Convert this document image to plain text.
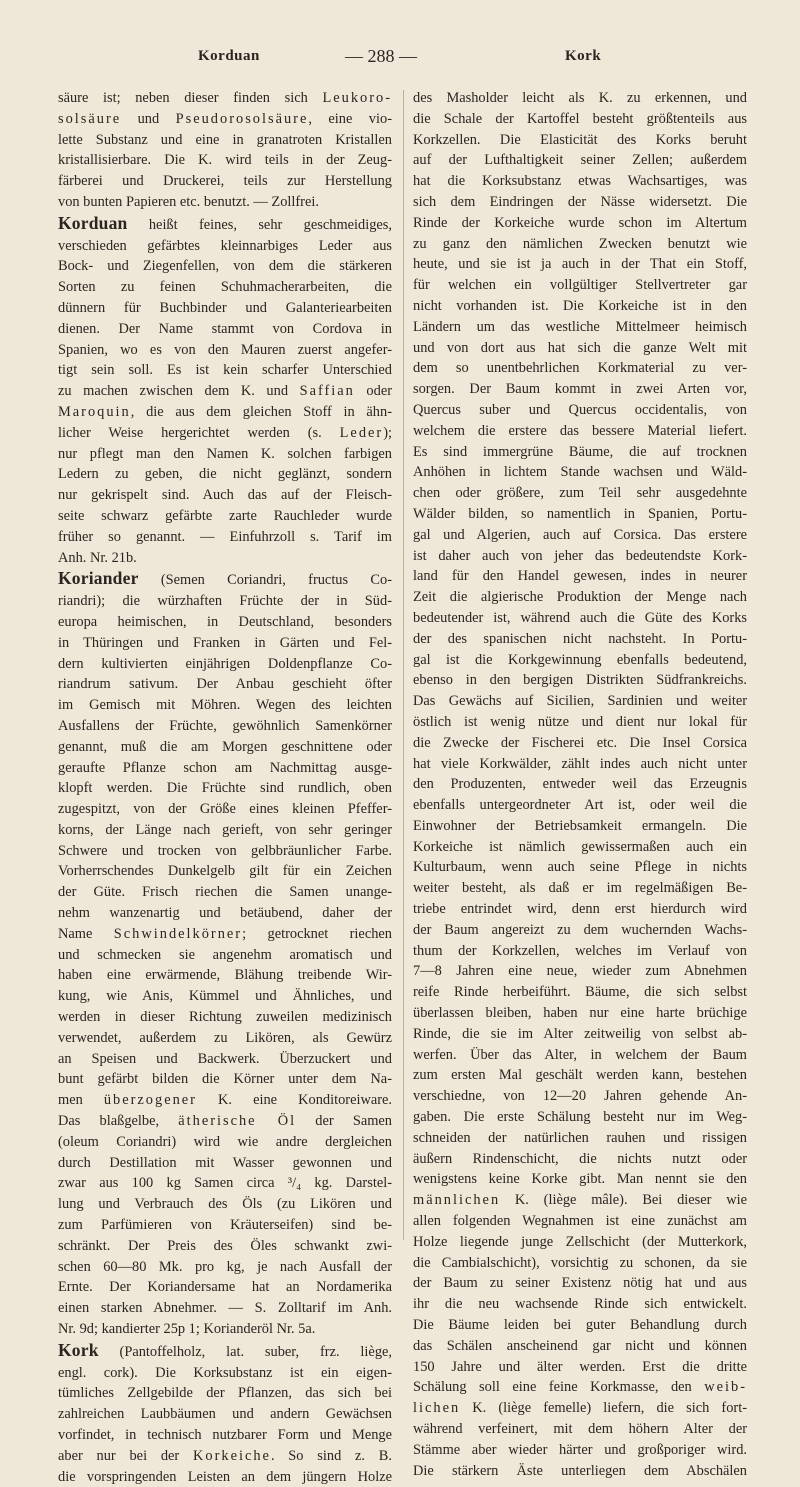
Korduan	— 288 —	Kork
säure ist; neben dieser finden sich Leukoro-
solsäure und Pseudorosolsäure, eine vio-
lette Substanz und eine in granatroten Kristallen
kristallisierbare. Die K. wird teils in der Zeug-
färberei und Druckerei, teils zur Herstellung
von bunten Papieren etc. benutzt. — Zollfrei.
Korduan heißt feines, sehr geschmeidiges,
verschieden gefärbtes kleinnarbiges Leder aus
Bock- und Ziegenfellen, von dem die stärkeren
Sorten zu feinen Schuhmacherarbeiten, die
dünnern für Buchbinder und Galanteriearbeiten
dienen. Der Name stammt von Cordova in
Spanien, wo es von den Mauren zuerst angefer-
tigt sein soll. Es ist kein scharfer Unterschied
zu machen zwischen dem K. und Saffian oder
Maroquin, die aus dem gleichen Stoff in ähn-
licher Weise hergerichtet werden (s. Leder);
nur pflegt man den Namen K. solchen farbigen
Ledern zu geben, die nicht geglänzt, sondern
nur gekrispelt sind. Auch das auf der Fleisch-
seite schwarz gefärbte zarte Rauchleder wurde
früher so genannt. — Einfuhrzoll s. Tarif im
Anh. Nr. 21b.
Koriander (Semen Coriandri, fructus Co-
riandri); die würzhaften Früchte der in Süd-
europa heimischen, in Deutschland, besonders
in Thüringen und Franken in Gärten und Fel-
dern kultivierten einjährigen Doldenpflanze Co-
riandrum sativum. Der Anbau geschieht öfter
im Gemisch mit Möhren. Wegen des leichten
Ausfallens der Früchte, gewöhnlich Samenkörner
genannt, muß die am Morgen geschnittene oder
geraufte Pflanze schon am Nachmittag ausge-
klopft werden. Die Früchte sind rundlich, oben
zugespitzt, von der Größe eines kleinen Pfeffer-
korns, der Länge nach gerieft, von sehr geringer
Schwere und trocken von gelbbräunlicher Farbe.
Vorherrschendes Dunkelgelb gilt für ein Zeichen
der Güte. Frisch riechen die Samen unange-
nehm wanzenartig und betäubend, daher der
Name Schwindelkörner; getrocknet riechen
und schmecken sie angenehm aromatisch und
haben eine erwärmende, Blähung treibende Wir-
kung, wie Anis, Kümmel und Ähnliches, und
werden in dieser Richtung zuweilen medizinisch
verwendet, außerdem zu Likören, als Gewürz
an Speisen und Backwerk. Überzuckert und
bunt gefärbt bilden die Körner unter dem Na-
men überzogener K. eine Konditoreiware.
Das blaßgelbe, ätherische Öl der Samen
(oleum Coriandri) wird wie andre dergleichen
durch Destillation mit Wasser gewonnen und
zwar aus 100 kg Samen circa ³/₄ kg. Darstel-
lung und Verbrauch des Öls (zu Likören und
zum Parfümieren von Kräuterseifen) sind be-
schränkt. Der Preis des Öles schwankt zwi-
schen 60—80 Mk. pro kg, je nach Ausfall der
Ernte. Der Koriandersame hat an Nordamerika
einen starken Abnehmer. — S. Zolltarif im Anh.
Nr. 9d; kandierter 25p 1; Korianderöl Nr. 5a.
Kork (Pantoffelholz, lat. suber, frz. liège,
engl. cork). Die Korksubstanz ist ein eigen-
tümliches Zellgebilde der Pflanzen, das sich bei
zahlreichen Laubbäumen und andern Gewächsen
vorfindet, in technisch nutzbarer Form und Menge
aber nur bei der Korkeiche. So sind z. B.
die vorspringenden Leisten an dem jüngern Holze
des Masholder leicht als K. zu erkennen, und
die Schale der Kartoffel besteht größtenteils aus
Korkzellen. Die Elasticität des Korks beruht
auf der Lufthaltigkeit seiner Zellen; außerdem
hat die Korksubstanz etwas Wachsartiges, was
sich dem Eindringen der Nässe widersetzt. Die
Rinde der Korkeiche wurde schon im Altertum
zu ganz den nämlichen Zwecken benutzt wie
heute, und sie ist ja auch in der That ein Stoff,
für welchen ein vollgültiger Stellvertreter gar
nicht vorhanden ist. Die Korkeiche ist in den
Ländern um das westliche Mittelmeer heimisch
und von dort aus hat sich die ganze Welt mit
dem so unentbehrlichen Korkmaterial zu ver-
sorgen. Der Baum kommt in zwei Arten vor,
Quercus suber und Quercus occidentalis, von
welchem die erstere das bessere Material liefert.
Es sind immergrüne Bäume, die auf trocknen
Anhöhen in lichtem Stande wachsen und Wäld-
chen oder größere, zum Teil sehr ausgedehnte
Wälder bilden, so namentlich in Spanien, Portu-
gal und Algerien, auch auf Corsica. Das erstere
ist daher auch von jeher das bedeutendste Kork-
land für den Handel gewesen, indes in neurer
Zeit die algierische Produktion der Menge nach
bedeutender ist, während auch die Güte des Korks
der des spanischen nicht nachsteht. In Portu-
gal ist die Korkgewinnung ebenfalls bedeutend,
ebenso in den bergigen Distrikten Südfrankreichs.
Das Gewächs auf Sicilien, Sardinien und weiter
östlich ist wenig nütze und dient nur lokal für
die Zwecke der Fischerei etc. Die Insel Corsica
hat viele Korkwälder, zählt indes auch nicht unter
den Produzenten, entweder weil das Erzeugnis
ebenfalls untergeordneter Art ist, oder weil die
Einwohner der Betriebsamkeit ermangeln. Die
Korkeiche ist nämlich gewissermaßen auch ein
Kulturbaum, wenn auch seine Pflege in nichts
weiter besteht, als daß er im regelmäßigen Be-
triebe entrindet wird, denn erst hierdurch wird
der Baum angereizt zu dem wuchernden Wachs-
thum der Korkzellen, welches im Verlauf von
7—8 Jahren eine neue, wieder zum Abnehmen
reife Rinde herbeiführt. Bäume, die sich selbst
überlassen bleiben, haben nur eine harte brüchige
Rinde, die sie im Alter zeitweilig von selbst ab-
werfen. Über das Alter, in welchem der Baum
zum ersten Mal geschält werden kann, bestehen
verschiedne, von 12—20 Jahren gehende An-
gaben. Die erste Schälung besteht nur im Weg-
schneiden der natürlichen rauhen und rissigen
äußern Rindenschicht, die nichts nutzt oder
wenigstens keine Korke gibt. Man nennt sie den
männlichen K. (liège mâle). Bei dieser wie
allen folgenden Wegnahmen ist eine zunächst am
Holze liegende junge Zellschicht (der Mutterkork,
die Cambialschicht), vorsichtig zu schonen, da sie
der Baum zu seiner Existenz nötig hat und aus
ihr die neu wachsende Rinde sich entwickelt.
Die Bäume leiden bei guter Behandlung durch
das Schälen anscheinend gar nicht und können
150 Jahre und älter werden. Erst die dritte
Schälung soll eine feine Korkmasse, den weib-
lichen K. (liège femelle) liefern, die sich fort-
während verfeinert, mit dem höhern Alter der
Stämme aber wieder härter und großporiger wird.
Die stärkern Äste unterliegen dem Abschälen
